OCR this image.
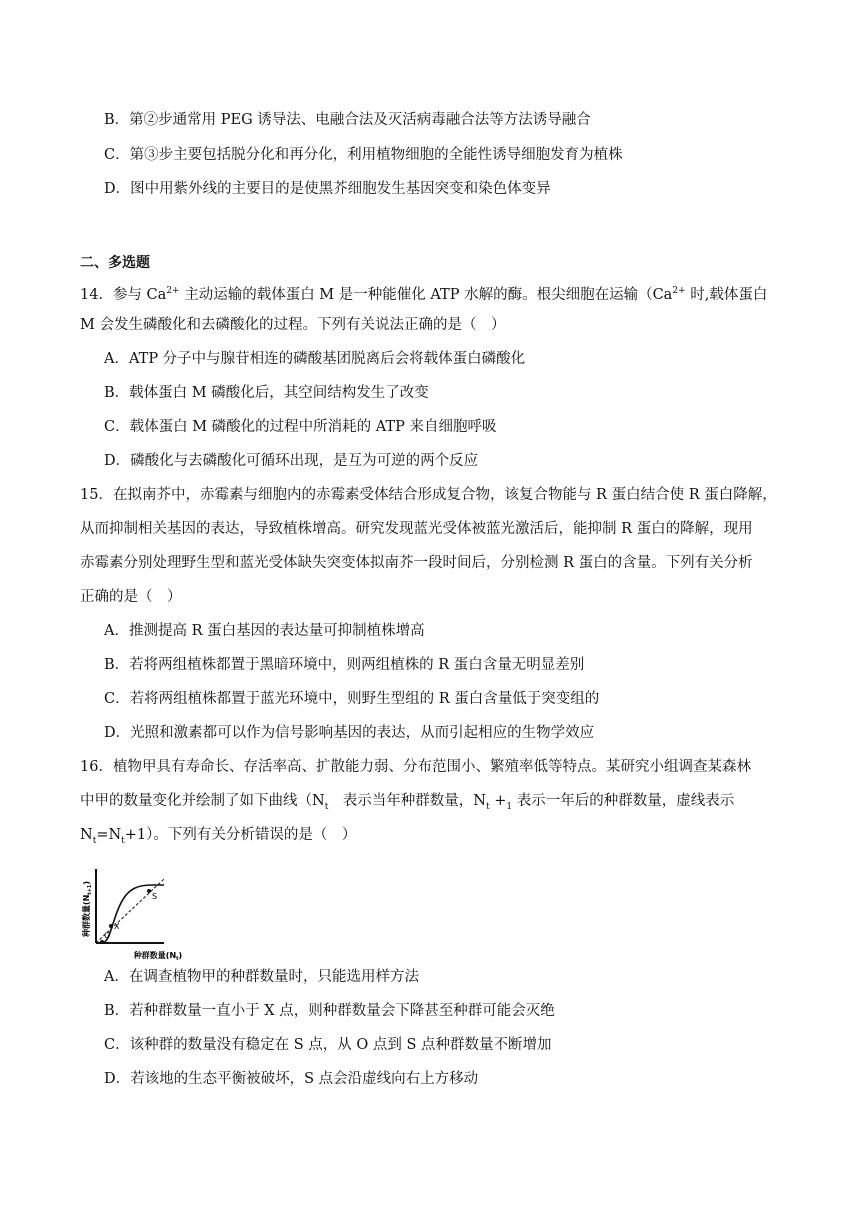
B．第②步通常用 PEG 诱导法、电融合法及灭活病毒融合法等方法诱导融合
C．第③步主要包括脱分化和再分化，利用植物细胞的全能性诱导细胞发育为植株
D．图中用紫外线的主要目的是使黑芥细胞发生基因突变和染色体变异
二、多选题
14．参与 $Ca^{2+}$ 主动运输的载体蛋白 M 是一种能催化 ATP 水解的酶。根尖细胞在运输（$Ca^{2+}$ 时,载体蛋白
M 会发生磷酸化和去磷酸化的过程。下列有关说法正确的是（　）
A．ATP 分子中与腺苷相连的磷酸基团脱离后会将载体蛋白磷酸化
B．载体蛋白 M 磷酸化后，其空间结构发生了改变
C．载体蛋白 M 磷酸化的过程中所消耗的 ATP 来自细胞呼吸
D．磷酸化与去磷酸化可循环出现，是互为可逆的两个反应
15．在拟南芥中，赤霉素与细胞内的赤霉素受体结合形成复合物，该复合物能与 R 蛋白结合使 R 蛋白降解，
从而抑制相关基因的表达，导致植株增高。研究发现蓝光受体被蓝光激活后，能抑制 R 蛋白的降解，现用
赤霉素分别处理野生型和蓝光受体缺失突变体拟南芥一段时间后，分别检测 R 蛋白的含量。下列有关分析
正确的是（　）
A．推测提高 R 蛋白基因的表达量可抑制植株增高
B．若将两组植株都置于黑暗环境中，则两组植株的 R 蛋白含量无明显差别
C．若将两组植株都置于蓝光环境中，则野生型组的 R 蛋白含量低于突变组的
D．光照和激素都可以作为信号影响基因的表达，从而引起相应的生物学效应
16．植物甲具有寿命长、存活率高、扩散能力弱、分布范围小、繁殖率低等特点。某研究小组调查某森林
中甲的数量变化并绘制了如下曲线（$N_t$　表示当年种群数量，$N_t +_1$ 表示一年后的种群数量，虚线表示
$N_t=N_t+1$）。下列有关分析错误的是（　）
种群数量$(N_{t+1})$
S
X
O
种群数量$(N_t)$
A．在调查植物甲的种群数量时，只能选用样方法
B．若种群数量一直小于 X 点，则种群数量会下降甚至种群可能会灭绝
C．该种群的数量没有稳定在 S 点，从 O 点到 S 点种群数量不断增加
D．若该地的生态平衡被破坏，S 点会沿虚线向右上方移动
